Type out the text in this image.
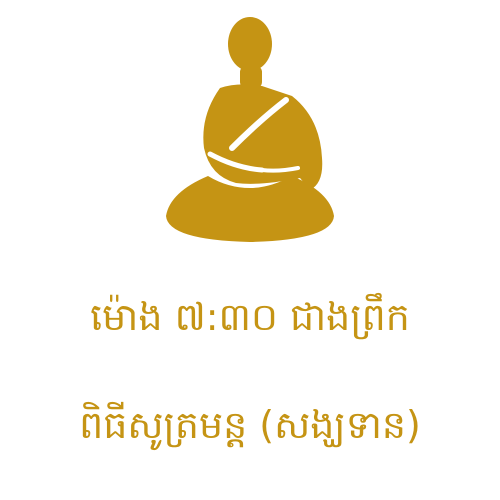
ម៉ោង ៧:៣០ ជាងព្រឹក
ពិធីសូត្រមន្ត (សង្ឃទាន)
